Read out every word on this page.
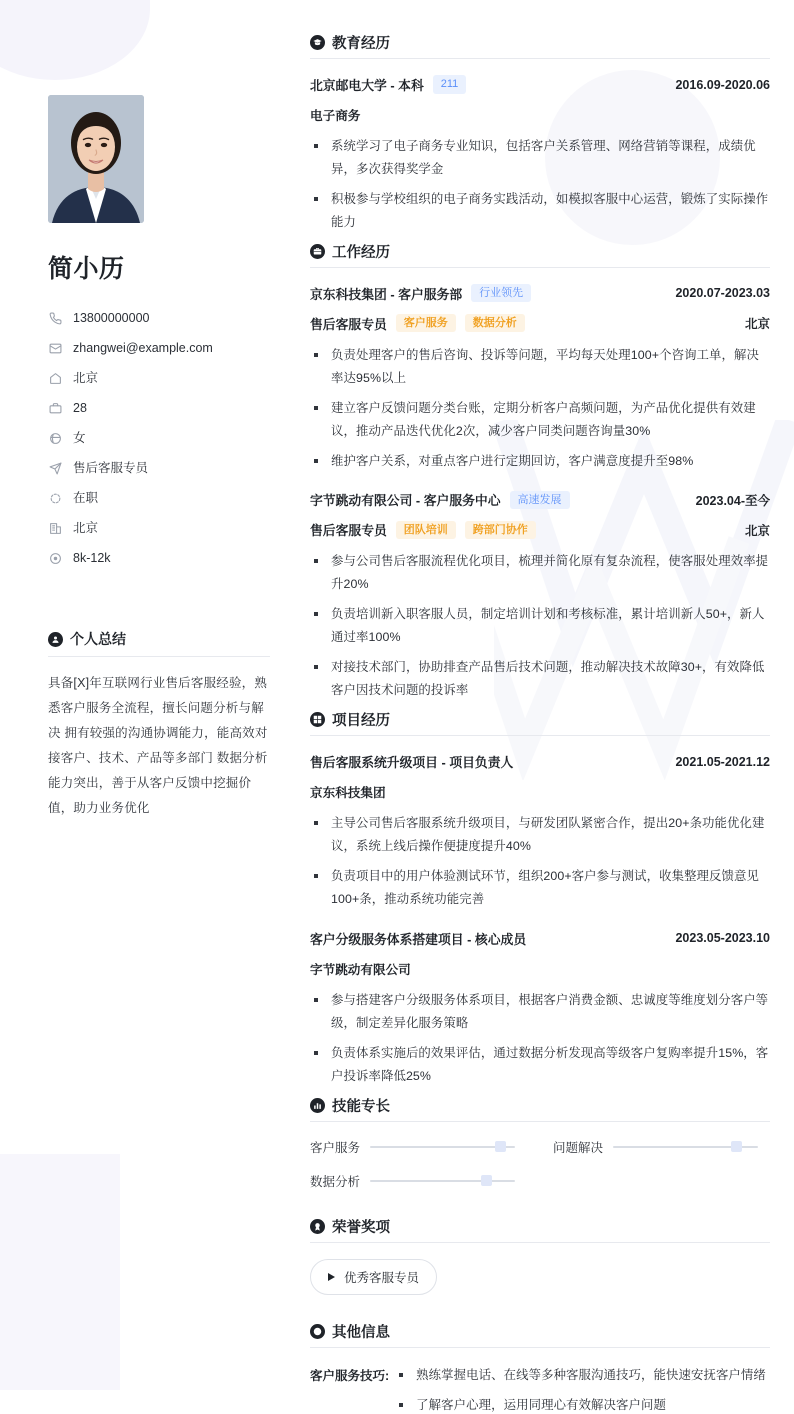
简小历
13800000000
zhangwei@example.com
北京
28
女
售后客服专员
在职
北京
8k-12k
个人总结
具备[X]年互联网行业售后客服经验，熟悉客户服务全流程，擅长问题分析与解决 拥有较强的沟通协调能力，能高效对接客户、技术、产品等多部门 数据分析能力突出，善于从客户反馈中挖掘价值，助力业务优化
教育经历
北京邮电大学 - 本科	211	2016.09-2020.06
电子商务
系统学习了电子商务专业知识，包括客户关系管理、网络营销等课程，成绩优异，多次获得奖学金
积极参与学校组织的电子商务实践活动，如模拟客服中心运营，锻炼了实际操作能力
工作经历
京东科技集团 - 客户服务部	行业领先	2020.07-2023.03
售后客服专员	客户服务	数据分析	北京
负责处理客户的售后咨询、投诉等问题，平均每天处理100+个咨询工单，解决率达95%以上
建立客户反馈问题分类台账，定期分析客户高频问题，为产品优化提供有效建议，推动产品迭代优化2次，减少客户同类问题咨询量30%
维护客户关系，对重点客户进行定期回访，客户满意度提升至98%
字节跳动有限公司 - 客户服务中心	高速发展	2023.04-至今
售后客服专员	团队培训	跨部门协作	北京
参与公司售后客服流程优化项目，梳理并简化原有复杂流程，使客服处理效率提升20%
负责培训新入职客服人员，制定培训计划和考核标准，累计培训新人50+，新人通过率100%
对接技术部门，协助排查产品售后技术问题，推动解决技术故障30+，有效降低客户因技术问题的投诉率
项目经历
售后客服系统升级项目 - 项目负责人	2021.05-2021.12
京东科技集团
主导公司售后客服系统升级项目，与研发团队紧密合作，提出20+条功能优化建议，系统上线后操作便捷度提升40%
负责项目中的用户体验测试环节，组织200+客户参与测试，收集整理反馈意见100+条，推动系统功能完善
客户分级服务体系搭建项目 - 核心成员	2023.05-2023.10
字节跳动有限公司
参与搭建客户分级服务体系项目，根据客户消费金额、忠诚度等维度划分客户等级，制定差异化服务策略
负责体系实施后的效果评估，通过数据分析发现高等级客户复购率提升15%，客户投诉率降低25%
技能专长
客户服务	问题解决
数据分析
荣誉奖项
优秀客服专员
其他信息
客户服务技巧:	熟练掌握电话、在线等多种客服沟通技巧，能快速安抚客户情绪
了解客户心理，运用同理心有效解决客户问题
